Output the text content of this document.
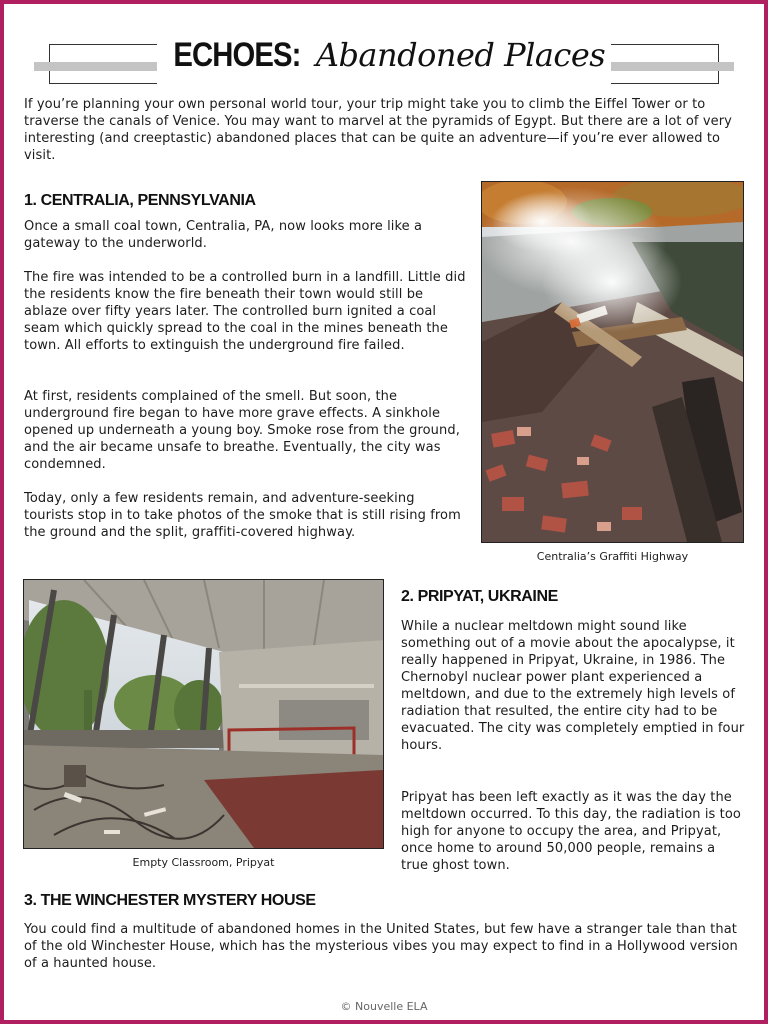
ECHOES: Abandoned Places

If you’re planning your own personal world tour, your trip might take you to climb the Eiffel Tower or to traverse the canals of Venice. You may want to marvel at the pyramids of Egypt. But there are a lot of very interesting (and creeptastic) abandoned places that can be quite an adventure—if you’re ever allowed to visit.

1. CENTRALIA, PENNSYLVANIA

Once a small coal town, Centralia, PA, now looks more like a gateway to the underworld.

The fire was intended to be a controlled burn in a landfill. Little did the residents know the fire beneath their town would still be ablaze over fifty years later. The controlled burn ignited a coal seam which quickly spread to the coal in the mines beneath the town. All efforts to extinguish the underground fire failed.

At first, residents complained of the smell. But soon, the underground fire began to have more grave effects. A sinkhole opened up underneath a young boy. Smoke rose from the ground, and the air became unsafe to breathe. Eventually, the city was condemned.

Today, only a few residents remain, and adventure-seeking tourists stop in to take photos of the smoke that is still rising from the ground and the split, graffiti-covered highway.

Centralia’s Graffiti Highway

Empty Classroom, Pripyat

2. PRIPYAT, UKRAINE

While a nuclear meltdown might sound like something out of a movie about the apocalypse, it really happened in Pripyat, Ukraine, in 1986. The Chernobyl nuclear power plant experienced a meltdown, and due to the extremely high levels of radiation that resulted, the entire city had to be evacuated. The city was completely emptied in four hours.

Pripyat has been left exactly as it was the day the meltdown occurred. To this day, the radiation is too high for anyone to occupy the area, and Pripyat, once home to around 50,000 people, remains a true ghost town.

3. THE WINCHESTER MYSTERY HOUSE

You could find a multitude of abandoned homes in the United States, but few have a stranger tale than that of the old Winchester House, which has the mysterious vibes you may expect to find in a Hollywood version of a haunted house.

© Nouvelle ELA
